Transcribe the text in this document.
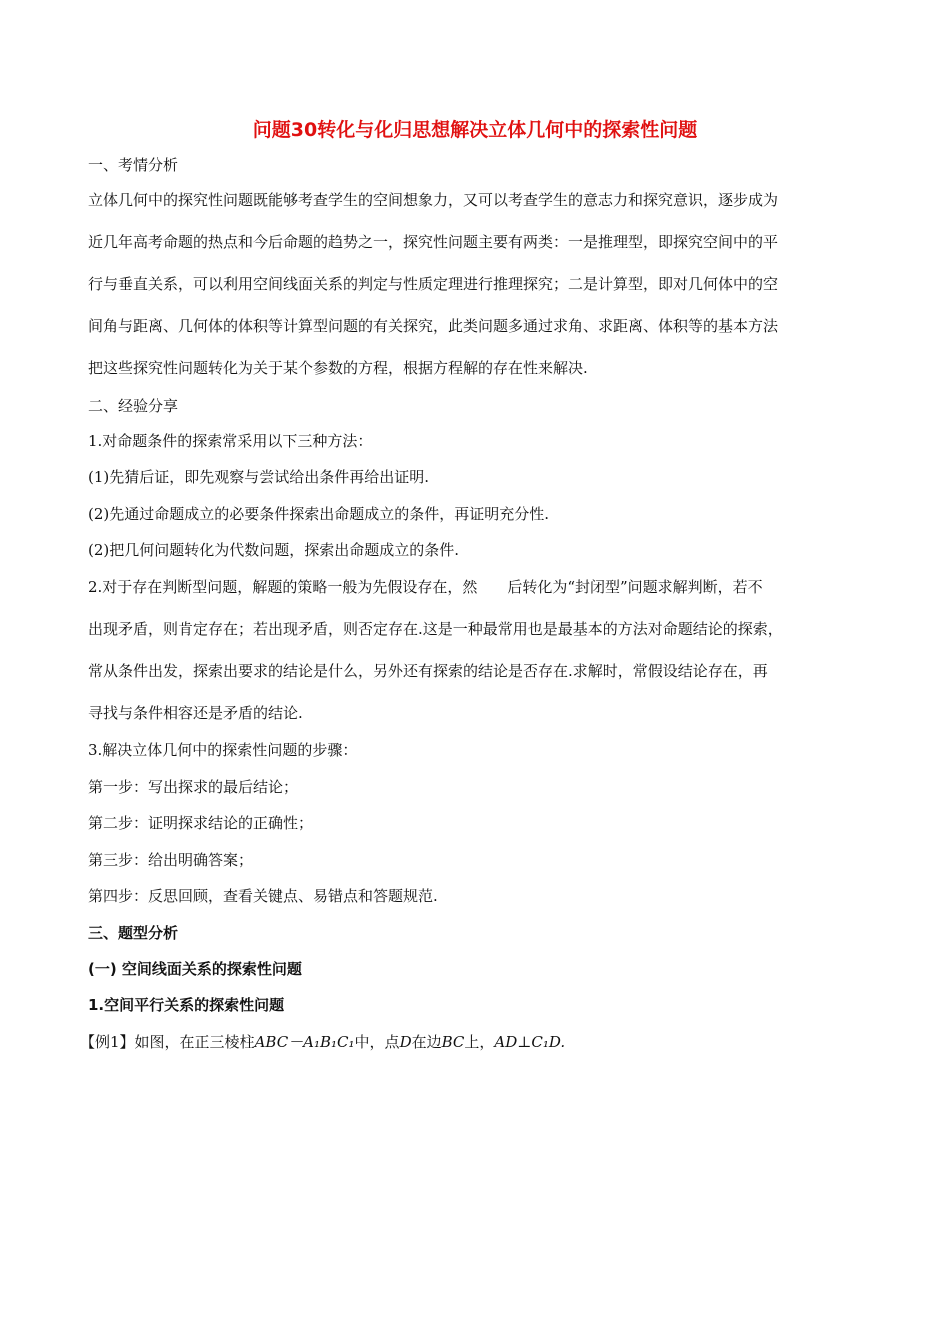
问题30转化与化归思想解决立体几何中的探索性问题
一、考情分析
立体几何中的探究性问题既能够考查学生的空间想象力，又可以考查学生的意志力和探究意识，逐步成为
近几年高考命题的热点和今后命题的趋势之一，探究性问题主要有两类：一是推理型，即探究空间中的平
行与垂直关系，可以利用空间线面关系的判定与性质定理进行推理探究；二是计算型，即对几何体中的空
间角与距离、几何体的体积等计算型问题的有关探究，此类问题多通过求角、求距离、体积等的基本方法
把这些探究性问题转化为关于某个参数的方程，根据方程解的存在性来解决.
二、经验分享
1.对命题条件的探索常采用以下三种方法：
(1)先猜后证，即先观察与尝试给出条件再给出证明.
(2)先通过命题成立的必要条件探索出命题成立的条件，再证明充分性.
(2)把几何问题转化为代数问题，探索出命题成立的条件.
2.对于存在判断型问题，解题的策略一般为先假设存在，然　　后转化为“封闭型”问题求解判断，若不
出现矛盾，则肯定存在；若出现矛盾，则否定存在.这是一种最常用也是最基本的方法对命题结论的探索，
常从条件出发，探索出要求的结论是什么，另外还有探索的结论是否存在.求解时，常假设结论存在，再
寻找与条件相容还是矛盾的结论.
3.解决立体几何中的探索性问题的步骤：
第一步：写出探求的最后结论；
第二步：证明探求结论的正确性；
第三步：给出明确答案；
第四步：反思回顾，查看关键点、易错点和答题规范.
三、题型分析
(一) 空间线面关系的探索性问题
1.空间平行关系的探索性问题
【例1】如图，在正三棱柱ABC－A₁B₁C₁中，点D在边BC上，AD⊥C₁D.
